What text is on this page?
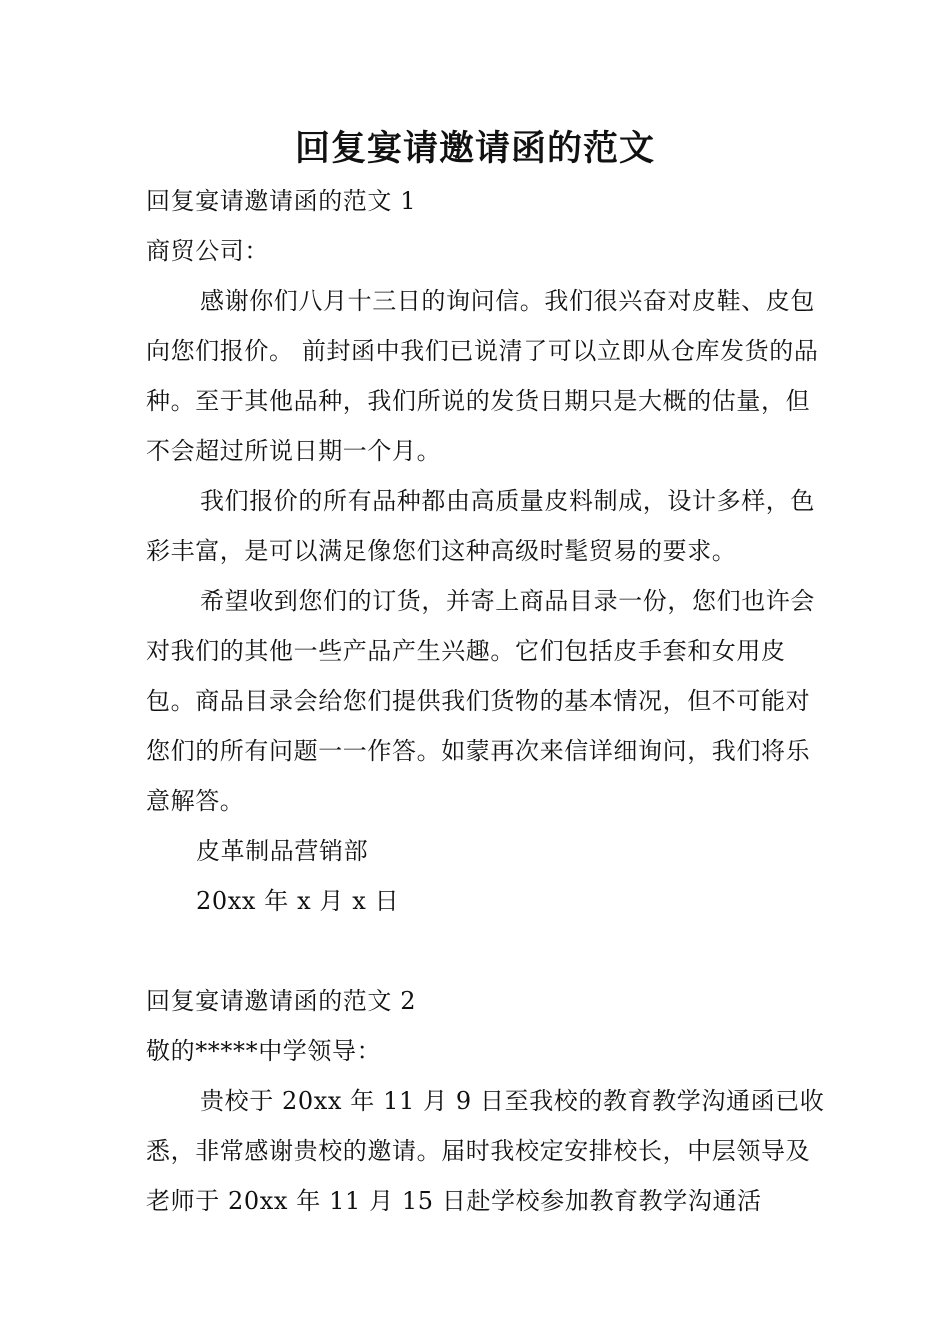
回复宴请邀请函的范文

回复宴请邀请函的范文 1

商贸公司：

感谢你们八月十三日的询问信。我们很兴奋对皮鞋、皮包向您们报价。 前封函中我们已说清了可以立即从仓库发货的品种。至于其他品种，我们所说的发货日期只是大概的估量，但不会超过所说日期一个月。

我们报价的所有品种都由高质量皮料制成，设计多样，色彩丰富，是可以满足像您们这种高级时髦贸易的要求。

希望收到您们的订货，并寄上商品目录一份，您们也许会对我们的其他一些产品产生兴趣。它们包括皮手套和女用皮包。商品目录会给您们提供我们货物的基本情况，但不可能对您们的所有问题一一作答。如蒙再次来信详细询问，我们将乐意解答。

皮革制品营销部

20xx 年 x 月 x 日

回复宴请邀请函的范文 2

敬的*****中学领导：

贵校于 20xx 年 11 月 9 日至我校的教育教学沟通函已收悉，非常感谢贵校的邀请。届时我校定安排校长，中层领导及老师于 20xx 年 11 月 15 日赴学校参加教育教学沟通活
